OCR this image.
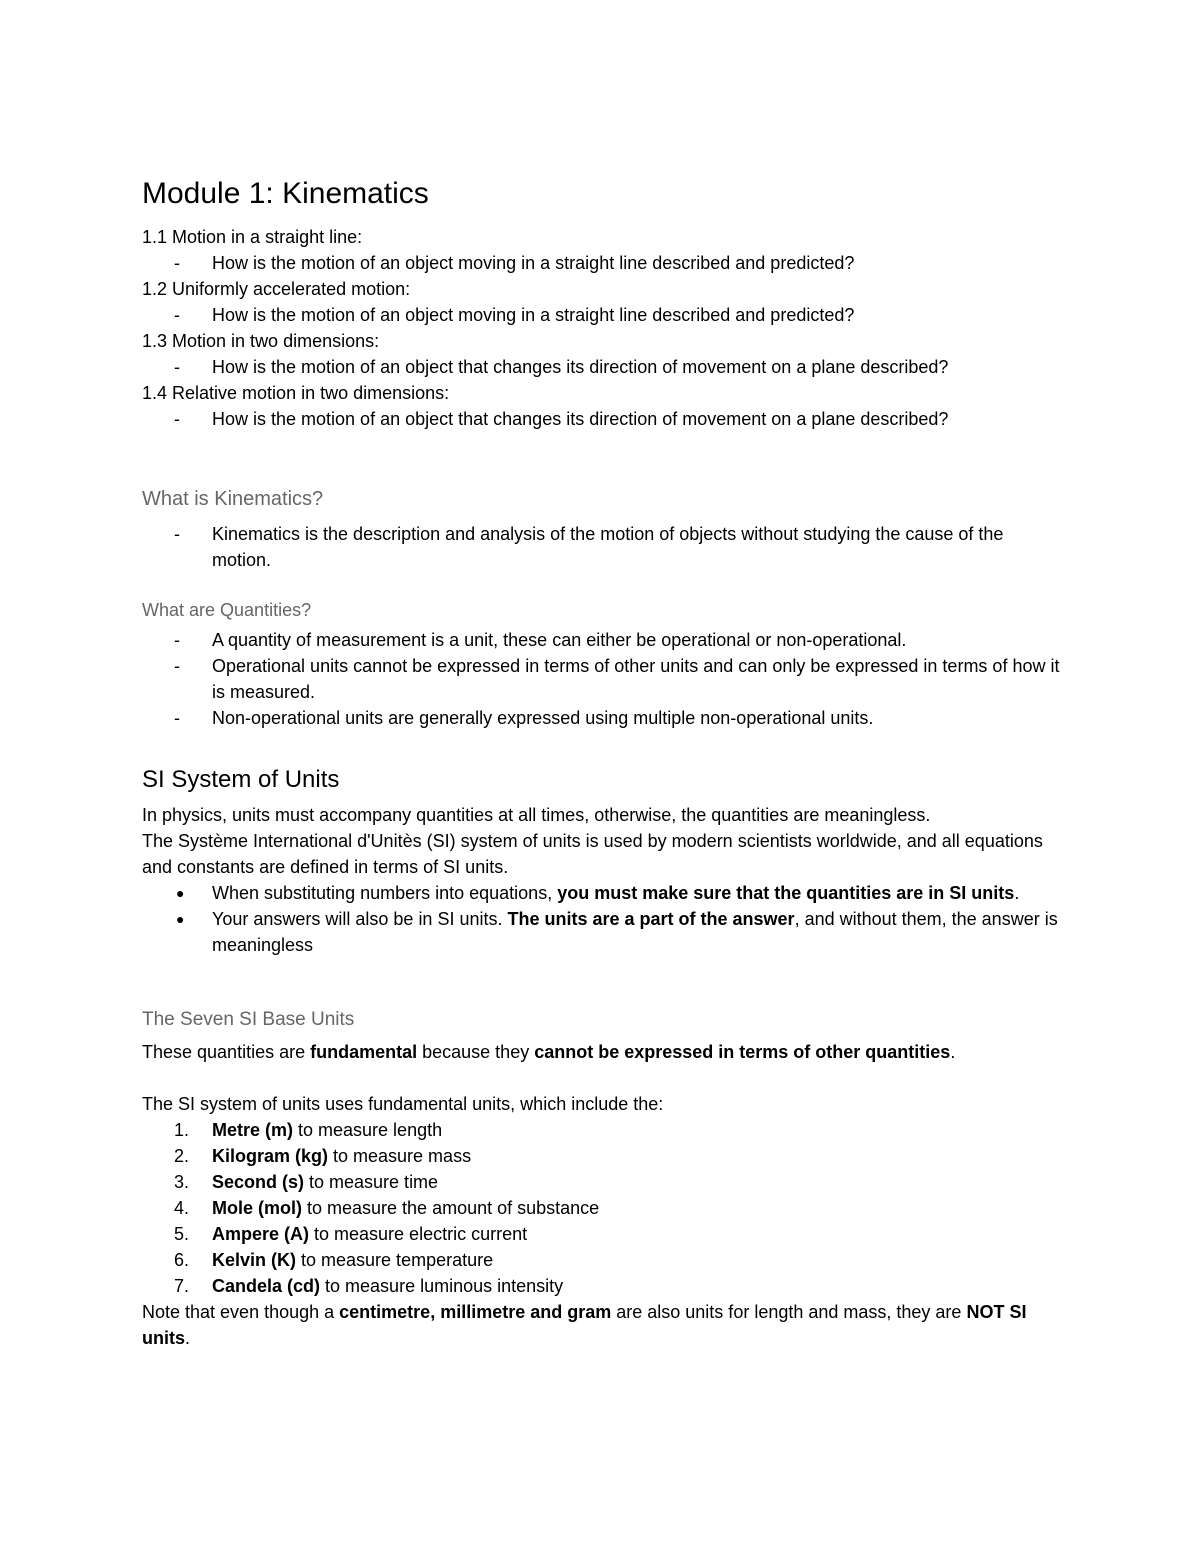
Module 1: Kinematics
1.1 Motion in a straight line:
-	How is the motion of an object moving in a straight line described and predicted?
1.2 Uniformly accelerated motion:
-	How is the motion of an object moving in a straight line described and predicted?
1.3 Motion in two dimensions:
-	How is the motion of an object that changes its direction of movement on a plane described?
1.4 Relative motion in two dimensions:
-	How is the motion of an object that changes its direction of movement on a plane described?
What is Kinematics?
-	Kinematics is the description and analysis of the motion of objects without studying the cause of the motion.
What are Quantities?
-	A quantity of measurement is a unit, these can either be operational or non-operational.
-	Operational units cannot be expressed in terms of other units and can only be expressed in terms of how it is measured.
-	Non-operational units are generally expressed using multiple non-operational units.
SI System of Units
In physics, units must accompany quantities at all times, otherwise, the quantities are meaningless.
The Système International d'Unitès (SI) system of units is used by modern scientists worldwide, and all equations and constants are defined in terms of SI units.
●	When substituting numbers into equations, you must make sure that the quantities are in SI units.
●	Your answers will also be in SI units. The units are a part of the answer, and without them, the answer is meaningless
The Seven SI Base Units
These quantities are fundamental because they cannot be expressed in terms of other quantities.
The SI system of units uses fundamental units, which include the:
1.	Metre (m) to measure length
2.	Kilogram (kg) to measure mass
3.	Second (s) to measure time
4.	Mole (mol) to measure the amount of substance
5.	Ampere (A) to measure electric current
6.	Kelvin (K) to measure temperature
7.	Candela (cd) to measure luminous intensity
Note that even though a centimetre, millimetre and gram are also units for length and mass, they are NOT SI units.
